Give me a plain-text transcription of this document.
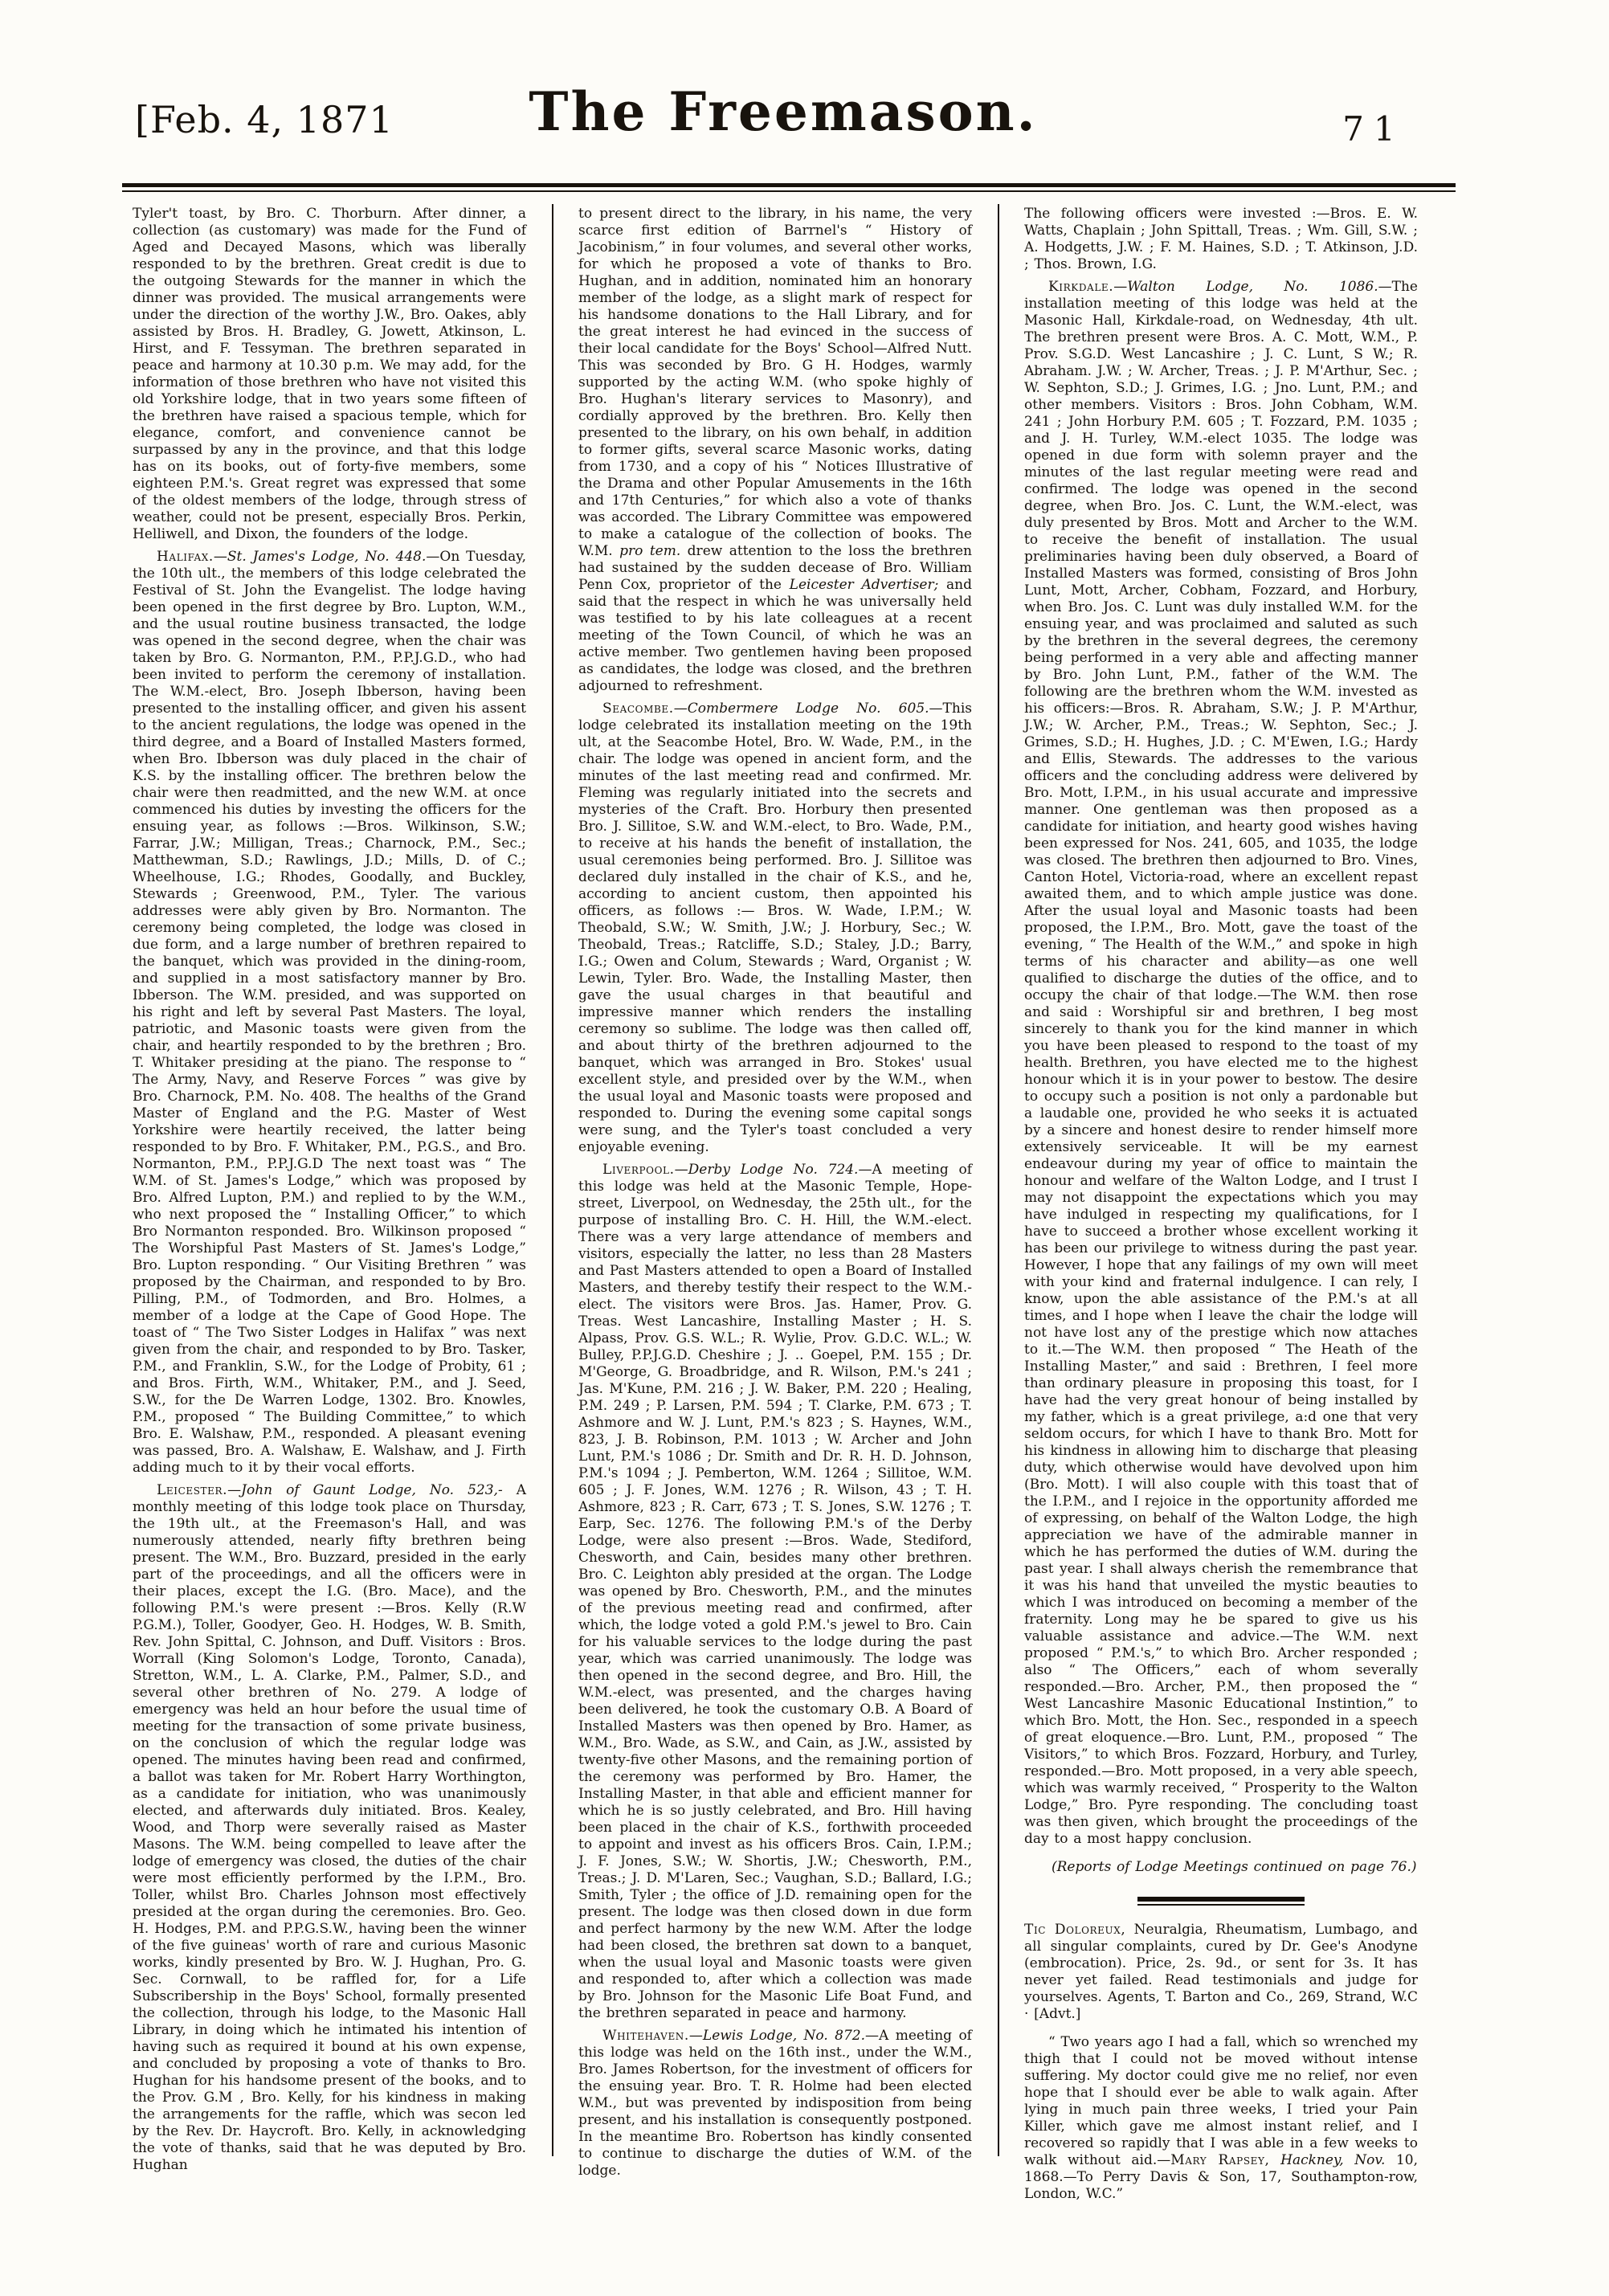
[Feb. 4, 1871	The Freemason.	71

Tyler't toast, by Bro. C. Thorburn. After dinner, a collection (as customary) was made for the Fund of Aged and Decayed Masons, which was liberally responded to by the brethren. Great credit is due to the outgoing Stewards for the manner in which the dinner was provided. The musical arrangements were under the direction of the worthy J.W., Bro. Oakes, ably assisted by Bros. H. Bradley, G. Jowett, Atkinson, L. Hirst, and F. Tessyman. The brethren separated in peace and harmony at 10.30 p.m. We may add, for the information of those brethren who have not visited this old Yorkshire lodge, that in two years some fifteen of the brethren have raised a spacious temple, which for elegance, comfort, and convenience cannot be surpassed by any in the province, and that this lodge has on its books, out of forty-five members, some eighteen P.M.'s. Great regret was expressed that some of the oldest members of the lodge, through stress of weather, could not be present, especially Bros. Perkin, Helliwell, and Dixon, the founders of the lodge.

Halifax.—St. James's Lodge, No. 448.—On Tuesday, the 10th ult., the members of this lodge celebrated the Festival of St. John the Evangelist. The lodge having been opened in the first degree by Bro. Lupton, W.M., and the usual routine business transacted, the lodge was opened in the second degree, when the chair was taken by Bro. G. Normanton, P.M., P.P.J.G.D., who had been invited to perform the ceremony of installation. The W.M.-elect, Bro. Joseph Ibberson, having been presented to the installing officer, and given his assent to the ancient regulations, the lodge was opened in the third degree, and a Board of Installed Masters formed, when Bro. Ibberson was duly placed in the chair of K.S. by the installing officer. The brethren below the chair were then readmitted, and the new W.M. at once commenced his duties by investing the officers for the ensuing year, as follows :—Bros. Wilkinson, S.W.; Farrar, J.W.; Milligan, Treas.; Charnock, P.M., Sec.; Matthewman, S.D.; Rawlings, J.D.; Mills, D. of C.; Wheelhouse, I.G.; Rhodes, Goodally, and Buckley, Stewards ; Greenwood, P.M., Tyler. The various addresses were ably given by Bro. Normanton. The ceremony being completed, the lodge was closed in due form, and a large number of brethren repaired to the banquet, which was provided in the dining-room, and supplied in a most satisfactory manner by Bro. Ibberson. The W.M. presided, and was supported on his right and left by several Past Masters. The loyal, patriotic, and Masonic toasts were given from the chair, and heartily responded to by the brethren ; Bro. T. Whitaker presiding at the piano. The response to “ The Army, Navy, and Reserve Forces ” was give by Bro. Charnock, P.M. No. 408. The healths of the Grand Master of England and the P.G. Master of West Yorkshire were heartily received, the latter being responded to by Bro. F. Whitaker, P.M., P.G.S., and Bro. Normanton, P.M., P.P.J.G.D The next toast was “ The W.M. of St. James's Lodge,” which was proposed by Bro. Alfred Lupton, P.M.) and replied to by the W.M., who next proposed the “ Installing Officer,” to which Bro Normanton responded. Bro. Wilkinson proposed “ The Worshipful Past Masters of St. James's Lodge,” Bro. Lupton responding. “ Our Visiting Brethren ” was proposed by the Chairman, and responded to by Bro. Pilling, P.M., of Todmorden, and Bro. Holmes, a member of a lodge at the Cape of Good Hope. The toast of “ The Two Sister Lodges in Halifax ” was next given from the chair, and responded to by Bro. Tasker, P.M., and Franklin, S.W., for the Lodge of Probity, 61 ; and Bros. Firth, W.M., Whitaker, P.M., and J. Seed, S.W., for the De Warren Lodge, 1302. Bro. Knowles, P.M., proposed “ The Building Committee,” to which Bro. E. Walshaw, P.M., responded. A pleasant evening was passed, Bro. A. Walshaw, E. Walshaw, and J. Firth adding much to it by their vocal efforts.

Leicester.—John of Gaunt Lodge, No. 523,- A monthly meeting of this lodge took place on Thursday, the 19th ult., at the Freemason's Hall, and was numerously attended, nearly fifty brethren being present. The W.M., Bro. Buzzard, presided in the early part of the proceedings, and all the officers were in their places, except the I.G. (Bro. Mace), and the following P.M.'s were present :—Bros. Kelly (R.W P.G.M.), Toller, Goodyer, Geo. H. Hodges, W. B. Smith, Rev. John Spittal, C. Johnson, and Duff. Visitors : Bros. Worrall (King Solomon's Lodge, Toronto, Canada), Stretton, W.M., L. A. Clarke, P.M., Palmer, S.D., and several other brethren of No. 279. A lodge of emergency was held an hour before the usual time of meeting for the transaction of some private business, on the conclusion of which the regular lodge was opened. The minutes having been read and confirmed, a ballot was taken for Mr. Robert Harry Worthington, as a candidate for initiation, who was unanimously elected, and afterwards duly initiated. Bros. Kealey, Wood, and Thorp were severally raised as Master Masons. The W.M. being compelled to leave after the lodge of emergency was closed, the duties of the chair were most efficiently performed by the I.P.M., Bro. Toller, whilst Bro. Charles Johnson most effectively presided at the organ during the ceremonies. Bro. Geo. H. Hodges, P.M. and P.P.G.S.W., having been the winner of the five guineas' worth of rare and curious Masonic works, kindly presented by Bro. W. J. Hughan, Pro. G. Sec. Cornwall, to be raffled for, for a Life Subscribership in the Boys' School, formally presented the collection, through his lodge, to the Masonic Hall Library, in doing which he intimated his intention of having such as required it bound at his own expense, and concluded by proposing a vote of thanks to Bro. Hughan for his handsome present of the books, and to the Prov. G.M , Bro. Kelly, for his kindness in making the arrangements for the raffle, which was secon led by the Rev. Dr. Haycroft. Bro. Kelly, in acknowledging the vote of thanks, said that he was deputed by Bro. Hughan

to present direct to the library, in his name, the very scarce first edition of Barrnel's “ History of Jacobinism,” in four volumes, and several other works, for which he proposed a vote of thanks to Bro. Hughan, and in addition, nominated him an honorary member of the lodge, as a slight mark of respect for his handsome donations to the Hall Library, and for the great interest he had evinced in the success of their local candidate for the Boys' School—Alfred Nutt. This was seconded by Bro. G H. Hodges, warmly supported by the acting W.M. (who spoke highly of Bro. Hughan's literary services to Masonry), and cordially approved by the brethren. Bro. Kelly then presented to the library, on his own behalf, in addition to former gifts, several scarce Masonic works, dating from 1730, and a copy of his “ Notices Illustrative of the Drama and other Popular Amusements in the 16th and 17th Centuries,” for which also a vote of thanks was accorded. The Library Committee was empowered to make a catalogue of the collection of books. The W.M. pro tem. drew attention to the loss the brethren had sustained by the sudden decease of Bro. William Penn Cox, proprietor of the Leicester Advertiser; and said that the respect in which he was universally held was testified to by his late colleagues at a recent meeting of the Town Council, of which he was an active member. Two gentlemen having been proposed as candidates, the lodge was closed, and the brethren adjourned to refreshment.

Seacombe.—Combermere Lodge No. 605.—This lodge celebrated its installation meeting on the 19th ult, at the Seacombe Hotel, Bro. W. Wade, P.M., in the chair. The lodge was opened in ancient form, and the minutes of the last meeting read and confirmed. Mr. Fleming was regularly initiated into the secrets and mysteries of the Craft. Bro. Horbury then presented Bro. J. Sillitoe, S.W. and W.M.-elect, to Bro. Wade, P.M., to receive at his hands the benefit of installation, the usual ceremonies being performed. Bro. J. Sillitoe was declared duly installed in the chair of K.S., and he, according to ancient custom, then appointed his officers, as follows :— Bros. W. Wade, I.P.M.; W. Theobald, S.W.; W. Smith, J.W.; J. Horbury, Sec.; W. Theobald, Treas.; Ratcliffe, S.D.; Staley, J.D.; Barry, I.G.; Owen and Colum, Stewards ; Ward, Organist ; W. Lewin, Tyler. Bro. Wade, the Installing Master, then gave the usual charges in that beautiful and impressive manner which renders the installing ceremony so sublime. The lodge was then called off, and about thirty of the brethren adjourned to the banquet, which was arranged in Bro. Stokes' usual excellent style, and presided over by the W.M., when the usual loyal and Masonic toasts were proposed and responded to. During the evening some capital songs were sung, and the Tyler's toast concluded a very enjoyable evening.

Liverpool.—Derby Lodge No. 724.—A meeting of this lodge was held at the Masonic Temple, Hope-street, Liverpool, on Wednesday, the 25th ult., for the purpose of installing Bro. C. H. Hill, the W.M.-elect. There was a very large attendance of members and visitors, especially the latter, no less than 28 Masters and Past Masters attended to open a Board of Installed Masters, and thereby testify their respect to the W.M.-elect. The visitors were Bros. Jas. Hamer, Prov. G. Treas. West Lancashire, Installing Master ; H. S. Alpass, Prov. G.S. W.L.; R. Wylie, Prov. G.D.C. W.L.; W. Bulley, P.P.J.G.D. Cheshire ; J. .. Goepel, P.M. 155 ; Dr. M'George, G. Broadbridge, and R. Wilson, P.M.'s 241 ; Jas. M'Kune, P.M. 216 ; J. W. Baker, P.M. 220 ; Healing, P.M. 249 ; P. Larsen, P.M. 594 ; T. Clarke, P.M. 673 ; T. Ashmore and W. J. Lunt, P.M.'s 823 ; S. Haynes, W.M., 823, J. B. Robinson, P.M. 1013 ; W. Archer and John Lunt, P.M.'s 1086 ; Dr. Smith and Dr. R. H. D. Johnson, P.M.'s 1094 ; J. Pemberton, W.M. 1264 ; Sillitoe, W.M. 605 ; J. F. Jones, W.M. 1276 ; R. Wilson, 43 ; T. H. Ashmore, 823 ; R. Carr, 673 ; T. S. Jones, S.W. 1276 ; T. Earp, Sec. 1276. The following P.M.'s of the Derby Lodge, were also present :—Bros. Wade, Stediford, Chesworth, and Cain, besides many other brethren. Bro. C. Leighton ably presided at the organ. The Lodge was opened by Bro. Chesworth, P.M., and the minutes of the previous meeting read and confirmed, after which, the lodge voted a gold P.M.'s jewel to Bro. Cain for his valuable services to the lodge during the past year, which was carried unanimously. The lodge was then opened in the second degree, and Bro. Hill, the W.M.-elect, was presented, and the charges having been delivered, he took the customary O.B. A Board of Installed Masters was then opened by Bro. Hamer, as W.M., Bro. Wade, as S.W., and Cain, as J.W., assisted by twenty-five other Masons, and the remaining portion of the ceremony was performed by Bro. Hamer, the Installing Master, in that able and efficient manner for which he is so justly celebrated, and Bro. Hill having been placed in the chair of K.S., forthwith proceeded to appoint and invest as his officers Bros. Cain, I.P.M.; J. F. Jones, S.W.; W. Shortis, J.W.; Chesworth, P.M., Treas.; J. D. M'Laren, Sec.; Vaughan, S.D.; Ballard, I.G.; Smith, Tyler ; the office of J.D. remaining open for the present. The lodge was then closed down in due form and perfect harmony by the new W.M. After the lodge had been closed, the brethren sat down to a banquet, when the usual loyal and Masonic toasts were given and responded to, after which a collection was made by Bro. Johnson for the Masonic Life Boat Fund, and the brethren separated in peace and harmony.

Whitehaven.—Lewis Lodge, No. 872.—A meeting of this lodge was held on the 16th inst., under the W.M., Bro. James Robertson, for the investment of officers for the ensuing year. Bro. T. R. Holme had been elected W.M., but was prevented by indisposition from being present, and his installation is consequently postponed. In the meantime Bro. Robertson has kindly consented to continue to discharge the duties of W.M. of the lodge.

The following officers were invested :—Bros. E. W. Watts, Chaplain ; John Spittall, Treas. ; Wm. Gill, S.W. ; A. Hodgetts, J.W. ; F. M. Haines, S.D. ; T. Atkinson, J.D. ; Thos. Brown, I.G.

Kirkdale.—Walton Lodge, No. 1086.—The installation meeting of this lodge was held at the Masonic Hall, Kirkdale-road, on Wednesday, 4th ult. The brethren present were Bros. A. C. Mott, W.M., P. Prov. S.G.D. West Lancashire ; J. C. Lunt, S W.; R. Abraham. J.W. ; W. Archer, Treas. ; J. P. M'Arthur, Sec. ; W. Sephton, S.D.; J. Grimes, I.G. ; Jno. Lunt, P.M.; and other members. Visitors : Bros. John Cobham, W.M. 241 ; John Horbury P.M. 605 ; T. Fozzard, P.M. 1035 ; and J. H. Turley, W.M.-elect 1035. The lodge was opened in due form with solemn prayer and the minutes of the last regular meeting were read and confirmed. The lodge was opened in the second degree, when Bro. Jos. C. Lunt, the W.M.-elect, was duly presented by Bros. Mott and Archer to the W.M. to receive the benefit of installation. The usual preliminaries having been duly observed, a Board of Installed Masters was formed, consisting of Bros John Lunt, Mott, Archer, Cobham, Fozzard, and Horbury, when Bro. Jos. C. Lunt was duly installed W.M. for the ensuing year, and was proclaimed and saluted as such by the brethren in the several degrees, the ceremony being performed in a very able and affecting manner by Bro. John Lunt, P.M., father of the W.M. The following are the brethren whom the W.M. invested as his officers:—Bros. R. Abraham, S.W.; J. P. M'Arthur, J.W.; W. Archer, P.M., Treas.; W. Sephton, Sec.; J. Grimes, S.D.; H. Hughes, J.D. ; C. M'Ewen, I.G.; Hardy and Ellis, Stewards. The addresses to the various officers and the concluding address were delivered by Bro. Mott, I.P.M., in his usual accurate and impressive manner. One gentleman was then proposed as a candidate for initiation, and hearty good wishes having been expressed for Nos. 241, 605, and 1035, the lodge was closed. The brethren then adjourned to Bro. Vines, Canton Hotel, Victoria-road, where an excellent repast awaited them, and to which ample justice was done. After the usual loyal and Masonic toasts had been proposed, the I.P.M., Bro. Mott, gave the toast of the evening, “ The Health of the W.M.,” and spoke in high terms of his character and ability—as one well qualified to discharge the duties of the office, and to occupy the chair of that lodge.—The W.M. then rose and said : Worshipful sir and brethren, I beg most sincerely to thank you for the kind manner in which you have been pleased to respond to the toast of my health. Brethren, you have elected me to the highest honour which it is in your power to bestow. The desire to occupy such a position is not only a pardonable but a laudable one, provided he who seeks it is actuated by a sincere and honest desire to render himself more extensively serviceable. It will be my earnest endeavour during my year of office to maintain the honour and welfare of the Walton Lodge, and I trust I may not disappoint the expectations which you may have indulged in respecting my qualifications, for I have to succeed a brother whose excellent working it has been our privilege to witness during the past year. However, I hope that any failings of my own will meet with your kind and fraternal indulgence. I can rely, I know, upon the able assistance of the P.M.'s at all times, and I hope when I leave the chair the lodge will not have lost any of the prestige which now attaches to it.—The W.M. then proposed “ The Heath of the Installing Master,” and said : Brethren, I feel more than ordinary pleasure in proposing this toast, for I have had the very great honour of being installed by my father, which is a great privilege, a:d one that very seldom occurs, for which I have to thank Bro. Mott for his kindness in allowing him to discharge that pleasing duty, which otherwise would have devolved upon him (Bro. Mott). I will also couple with this toast that of the I.P.M., and I rejoice in the opportunity afforded me of expressing, on behalf of the Walton Lodge, the high appreciation we have of the admirable manner in which he has performed the duties of W.M. during the past year. I shall always cherish the remembrance that it was his hand that unveiled the mystic beauties to which I was introduced on becoming a member of the fraternity. Long may he be spared to give us his valuable assistance and advice.—The W.M. next proposed “ P.M.'s,” to which Bro. Archer responded ; also “ The Officers,” each of whom severally responded.—Bro. Archer, P.M., then proposed the “ West Lancashire Masonic Educational Instintion,” to which Bro. Mott, the Hon. Sec., responded in a speech of great eloquence.—Bro. Lunt, P.M., proposed “ The Visitors,” to which Bros. Fozzard, Horbury, and Turley, responded.—Bro. Mott proposed, in a very able speech, which was warmly received, “ Prosperity to the Walton Lodge,” Bro. Pyre responding. The concluding toast was then given, which brought the proceedings of the day to a most happy conclusion.

(Reports of Lodge Meetings continued on page 76.)

Tic Doloreux, Neuralgia, Rheumatism, Lumbago, and all singular complaints, cured by Dr. Gee's Anodyne (embrocation). Price, 2s. 9d., or sent for 3s. It has never yet failed. Read testimonials and judge for yourselves. Agents, T. Barton and Co., 269, Strand, W.C · [Advt.]

“ Two years ago I had a fall, which so wrenched my thigh that I could not be moved without intense suffering. My doctor could give me no relief, nor even hope that I should ever be able to walk again. After lying in much pain three weeks, I tried your Pain Killer, which gave me almost instant relief, and I recovered so rapidly that I was able in a few weeks to walk without aid.—Mary Rapsey, Hackney, Nov. 10, 1868.—To Perry Davis & Son, 17, Southampton-row, London, W.C.”
